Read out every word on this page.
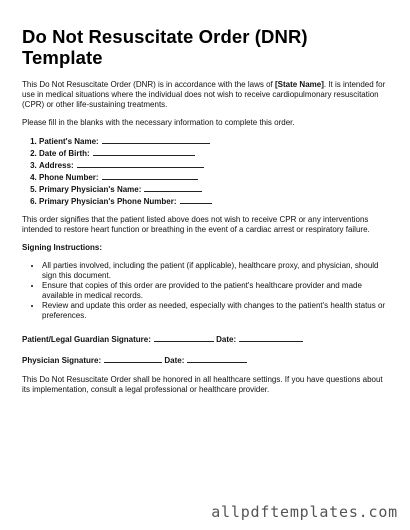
Do Not Resuscitate Order (DNR) Template

This Do Not Resuscitate Order (DNR) is in accordance with the laws of [State Name]. It is intended for use in medical situations where the individual does not wish to receive cardiopulmonary resuscitation (CPR) or other life-sustaining treatments.

Please fill in the blanks with the necessary information to complete this order.

1. Patient's Name:
2. Date of Birth:
3. Address:
4. Phone Number:
5. Primary Physician's Name:
6. Primary Physician's Phone Number:

This order signifies that the patient listed above does not wish to receive CPR or any interventions intended to restore heart function or breathing in the event of a cardiac arrest or respiratory failure.

Signing Instructions:

• All parties involved, including the patient (if applicable), healthcare proxy, and physician, should sign this document.
• Ensure that copies of this order are provided to the patient's healthcare provider and made available in medical records.
• Review and update this order as needed, especially with changes to the patient's health status or preferences.

Patient/Legal Guardian Signature:	Date:

Physician Signature:	Date:

This Do Not Resuscitate Order shall be honored in all healthcare settings. If you have questions about its implementation, consult a legal professional or healthcare provider.

allpdftemplates.com
